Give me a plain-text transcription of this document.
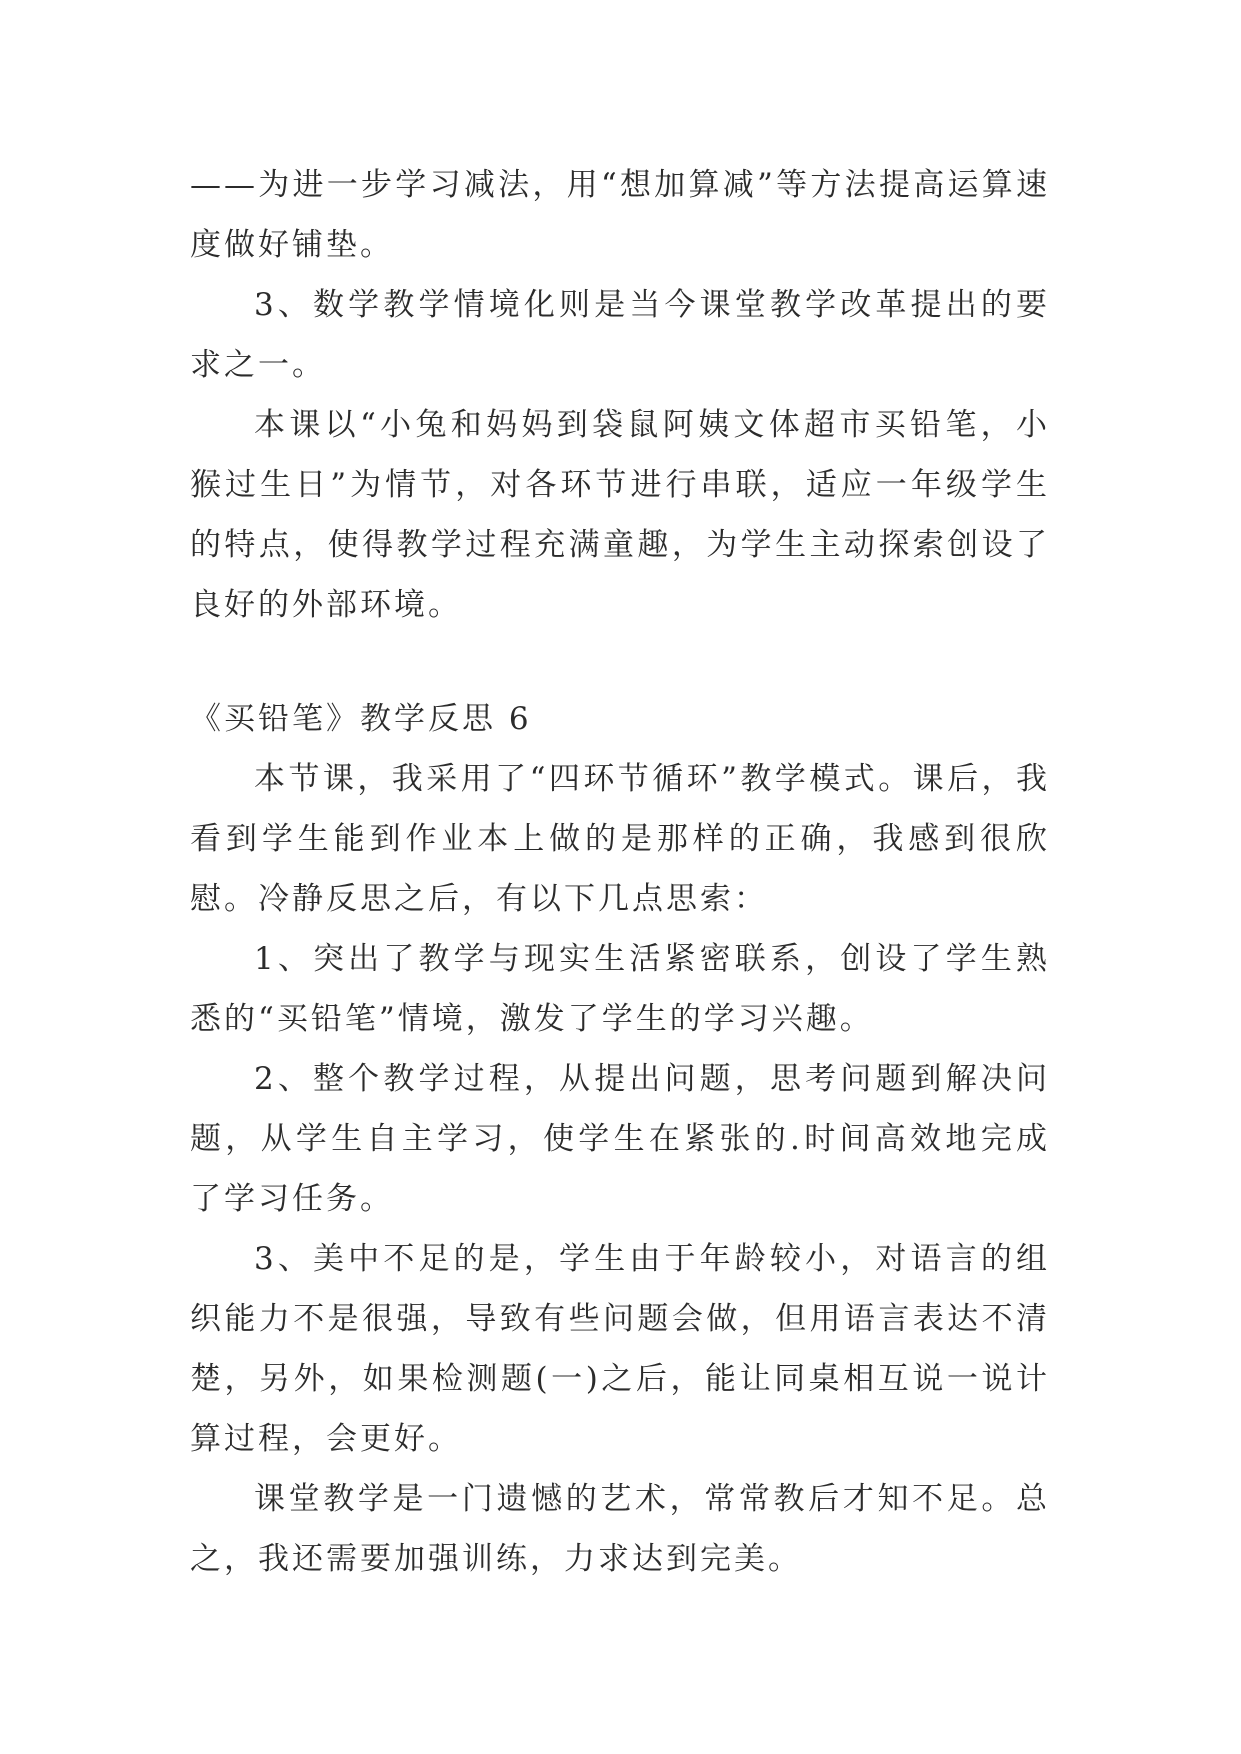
——为进一步学习减法，用“想加算减”等方法提高运算速度做好铺垫。

3、数学教学情境化则是当今课堂教学改革提出的要求之一。

本课以“小兔和妈妈到袋鼠阿姨文体超市买铅笔，小猴过生日”为情节，对各环节进行串联，适应一年级学生的特点，使得教学过程充满童趣，为学生主动探索创设了良好的外部环境。

《买铅笔》教学反思 6

本节课，我采用了“四环节循环”教学模式。课后，我看到学生能到作业本上做的是那样的正确，我感到很欣慰。冷静反思之后，有以下几点思索：

1、突出了教学与现实生活紧密联系，创设了学生熟悉的“买铅笔”情境，激发了学生的学习兴趣。

2、整个教学过程，从提出问题，思考问题到解决问题，从学生自主学习，使学生在紧张的.时间高效地完成了学习任务。

3、美中不足的是，学生由于年龄较小，对语言的组织能力不是很强，导致有些问题会做，但用语言表达不清楚，另外，如果检测题(一)之后，能让同桌相互说一说计算过程，会更好。

课堂教学是一门遗憾的艺术，常常教后才知不足。总之，我还需要加强训练，力求达到完美。
